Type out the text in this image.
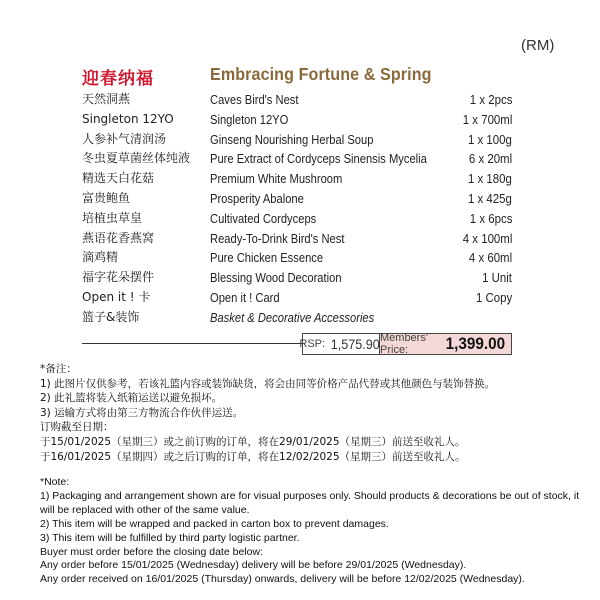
(RM)
迎春纳福	Embracing Fortune & Spring
天然洞燕	Caves Bird's Nest	1 x 2pcs
Singleton 12YO	Singleton 12YO	1 x 700ml
人参补气清润汤	Ginseng Nourishing Herbal Soup	1 x 100g
冬虫夏草菌丝体纯液 Pure Extract of Cordyceps Sinensis Mycelia	6 x 20ml
精选天白花菇	Premium White Mushroom	1 x 180g
富贵鲍鱼	Prosperity Abalone	1 x 425g
培植虫草皇	Cultivated Cordyceps	1 x 6pcs
燕语花香燕窝	Ready-To-Drink Bird's Nest	4 x 100ml
滴鸡精	Pure Chicken Essence	4 x 60ml
福字花朵摆件	Blessing Wood Decoration	1 Unit
Open it ! 卡	Open it ! Card	1 Copy
篮子&装饰	Basket & Decorative Accessories
RSP: 1,575.90 Members' Price:	1,399.00
*备注：
1) 此图片仅供参考，若该礼篮内容或装饰缺货，将会由同等价格产品代替或其他颜色与装饰替换。
2) 此礼篮将装入纸箱运送以避免损坏。
3) 运输方式将由第三方物流合作伙伴运送。
订购截至日期：
于15/01/2025（星期三）或之前订购的订单，将在29/01/2025（星期三）前送至收礼人。
于16/01/2025（星期四）或之后订购的订单，将在12/02/2025（星期三）前送至收礼人。
*Note:
1) Packaging and arrangement shown are for visual purposes only. Should products & decorations be out of stock, it
will be replaced with other of the same value.
2) This item will be wrapped and packed in carton box to prevent damages.
3) This item will be fulfilled by third party logistic partner.
Buyer must order before the closing date below:
Any order before 15/01/2025 (Wednesday) delivery will be before 29/01/2025 (Wednesday).
Any order received on 16/01/2025 (Thursday) onwards, delivery will be before 12/02/2025 (Wednesday).
